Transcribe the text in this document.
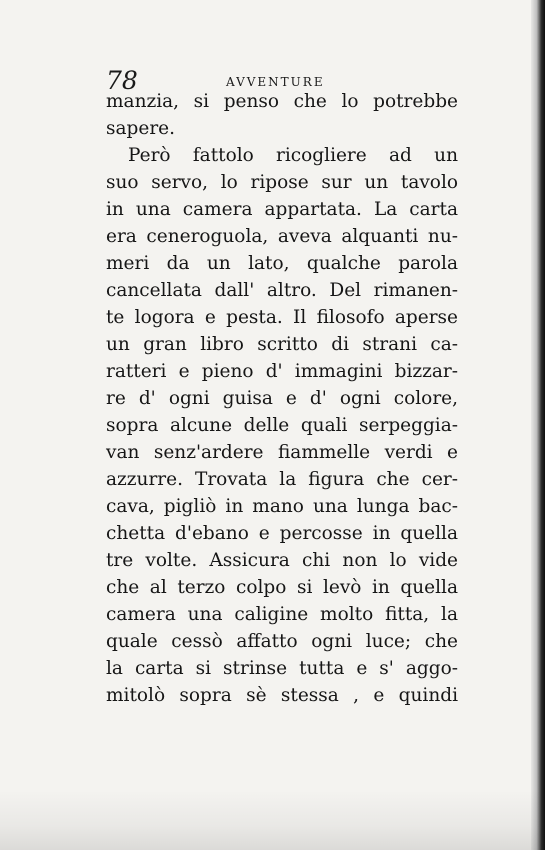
78	AVVENTURE
manzia, si penso che lo potrebbe
sapere.
Però fattolo ricogliere ad un
suo servo, lo ripose sur un tavolo
in una camera appartata. La carta
era ceneroguola, aveva alquanti nu-
meri da un lato, qualche parola
cancellata dall' altro. Del rimanen-
te logora e pesta. Il filosofo aperse
un gran libro scritto di strani ca-
ratteri e pieno d' immagini bizzar-
re d' ogni guisa e d' ogni colore,
sopra alcune delle quali serpeggia-
van senz'ardere fiammelle verdi e
azzurre. Trovata la figura che cer-
cava, pigliò in mano una lunga bac-
chetta d'ebano e percosse in quella
tre volte. Assicura chi non lo vide
che al terzo colpo si levò in quella
camera una caligine molto fitta, la
quale cessò affatto ogni luce; che
la carta si strinse tutta e s' aggo-
mitolò sopra sè stessa , e quindi
